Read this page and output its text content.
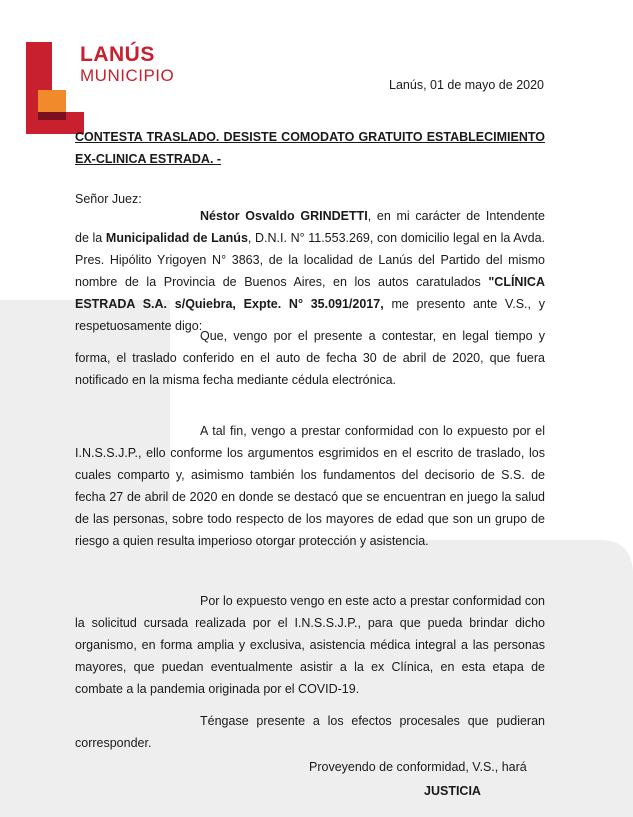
LANÚS
MUNICIPIO	Lanús, 01 de mayo de 2020
CONTESTA TRASLADO. DESISTE COMODATO GRATUITO ESTABLECIMIENTO EX-CLINICA ESTRADA. -
Señor Juez:
Néstor Osvaldo GRINDETTI, en mi carácter de Intendente de la Municipalidad de Lanús, D.N.I. N° 11.553.269, con domicilio legal en la Avda. Pres. Hipólito Yrigoyen N° 3863, de la localidad de Lanús del Partido del mismo nombre de la Provincia de Buenos Aires, en los autos caratulados "CLÍNICA ESTRADA S.A. s/Quiebra, Expte. N° 35.091/2017, me presento ante V.S., y respetuosamente digo:
Que, vengo por el presente a contestar, en legal tiempo y forma, el traslado conferido en el auto de fecha 30 de abril de 2020, que fuera notificado en la misma fecha mediante cédula electrónica.
A tal fin, vengo a prestar conformidad con lo expuesto por el I.N.S.S.J.P., ello conforme los argumentos esgrimidos en el escrito de traslado, los cuales comparto y, asimismo también los fundamentos del decisorio de S.S. de fecha 27 de abril de 2020 en donde se destacó que se encuentran en juego la salud de las personas, sobre todo respecto de los mayores de edad que son un grupo de riesgo a quien resulta imperioso otorgar protección y asistencia.
Por lo expuesto vengo en este acto a prestar conformidad con la solicitud cursada realizada por el I.N.S.S.J.P., para que pueda brindar dicho organismo, en forma amplia y exclusiva, asistencia médica integral a las personas mayores, que puedan eventualmente asistir a la ex Clínica, en esta etapa de combate a la pandemia originada por el COVID-19.
Téngase presente a los efectos procesales que pudieran corresponder.
Proveyendo de conformidad, V.S., hará
JUSTICIA
